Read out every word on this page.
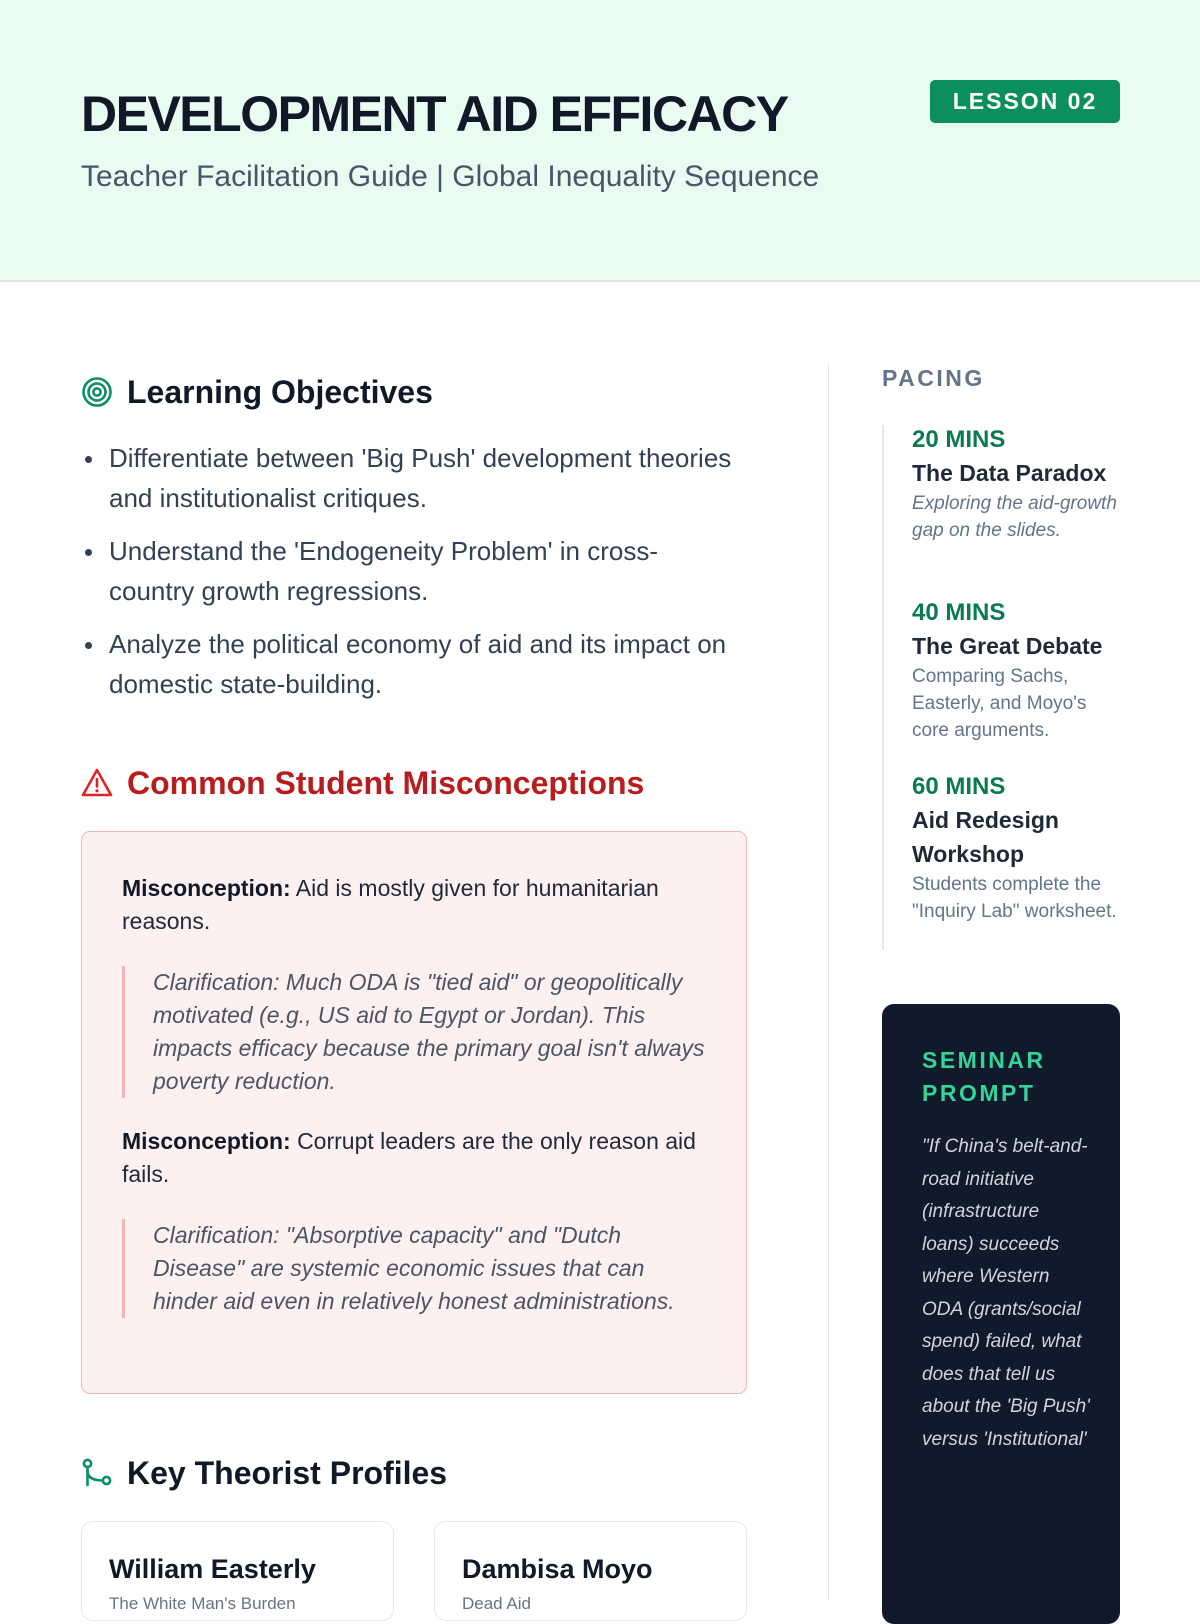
DEVELOPMENT AID EFFICACY
Teacher Facilitation Guide | Global Inequality Sequence
LESSON 02
Learning Objectives
Differentiate between 'Big Push' development theories and institutionalist critiques.
Understand the 'Endogeneity Problem' in cross-country growth regressions.
Analyze the political economy of aid and its impact on domestic state-building.
Common Student Misconceptions
Misconception: Aid is mostly given for humanitarian reasons.
Clarification: Much ODA is "tied aid" or geopolitically motivated (e.g., US aid to Egypt or Jordan). This impacts efficacy because the primary goal isn't always poverty reduction.
Misconception: Corrupt leaders are the only reason aid fails.
Clarification: "Absorptive capacity" and "Dutch Disease" are systemic economic issues that can hinder aid even in relatively honest administrations.
Key Theorist Profiles
William Easterly
The White Man's Burden
Dambisa Moyo
Dead Aid
PACING
20 MINS
The Data Paradox
Exploring the aid-growth gap on the slides.
40 MINS
The Great Debate
Comparing Sachs, Easterly, and Moyo's core arguments.
60 MINS
Aid Redesign Workshop
Students complete the "Inquiry Lab" worksheet.
SEMINAR PROMPT
"If China's belt-and-road initiative (infrastructure loans) succeeds where Western ODA (grants/social spend) failed, what does that tell us about the 'Big Push' versus 'Institutional'
